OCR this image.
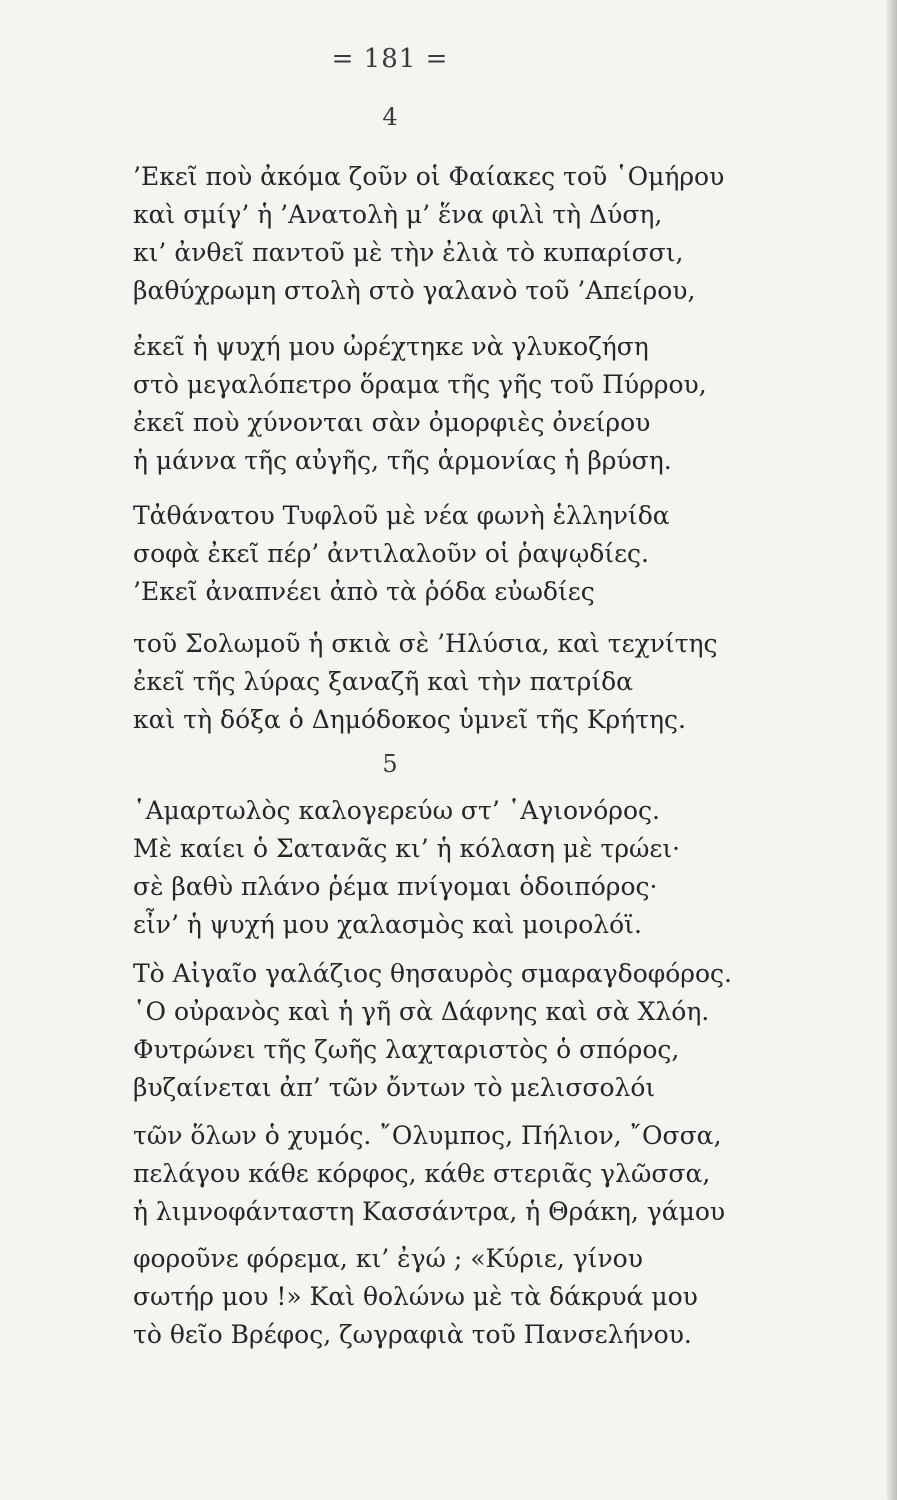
= 181 =
4
’Εκεῖ ποὺ ἀκόμα ζοῦν οἱ Φαίακες τοῦ ῾Ομήρου
καὶ σμίγ’ ἡ ’Ανατολὴ μ’ ἕνα φιλὶ τὴ Δύση,
κι’ ἀνθεῖ παντοῦ μὲ τὴν ἐλιὰ τὸ κυπαρίσσι,
βαθύχρωμη στολὴ στὸ γαλανὸ τοῦ ’Απείρου,
ἐκεῖ ἡ ψυχή μου ὠρέχτηκε νὰ γλυκοζήση
στὸ μεγαλόπετρο ὅραμα τῆς γῆς τοῦ Πύρρου,
ἐκεῖ ποὺ χύνονται σὰν ὀμορφιὲς ὀνείρου
ἡ μάννα τῆς αὐγῆς, τῆς ἁρμονίας ἡ βρύση.
Τἀθάνατου Τυφλοῦ μὲ νέα φωνὴ ἑλληνίδα
σοφὰ ἐκεῖ πέρ’ ἀντιλαλοῦν οἱ ῥαψῳδίες.
’Εκεῖ ἀναπνέει ἀπὸ τὰ ῥόδα εὐωδίες
τοῦ Σολωμοῦ ἡ σκιὰ σὲ ’Ηλύσια, καὶ τεχνίτης
ἐκεῖ τῆς λύρας ξαναζῆ καὶ τὴν πατρίδα
καὶ τὴ δόξα ὁ Δημόδοκος ὑμνεῖ τῆς Κρήτης.
5
῾Αμαρτωλὸς καλογερεύω στ’ ῾Αγιονόρος.
Μὲ καίει ὁ Σατανᾶς κι’ ἡ κόλαση μὲ τρώει·
σὲ βαθὺ πλάνο ῥέμα πνίγομαι ὁδοιπόρος·
εἶν’ ἡ ψυχή μου χαλασμὸς καὶ μοιρολόϊ.
Τὸ Αἰγαῖο γαλάζιος θησαυρὸς σμαραγδοφόρος.
῾Ο οὐρανὸς καὶ ἡ γῆ σὰ Δάφνης καὶ σὰ Χλόη.
Φυτρώνει τῆς ζωῆς λαχταριστὸς ὁ σπόρος,
βυζαίνεται ἀπ’ τῶν ὄντων τὸ μελισσολόι
τῶν ὅλων ὁ χυμός. ῎Ολυμπος, Πήλιον, ῎Οσσα,
πελάγου κάθε κόρφος, κάθε στεριᾶς γλῶσσα,
ἡ λιμνοφάνταστη Κασσάντρα, ἡ Θράκη, γάμου
φοροῦνε φόρεμα, κι’ ἐγώ ; «Κύριε, γίνου
σωτήρ μου !» Καὶ θολώνω μὲ τὰ δάκρυά μου
τὸ θεῖο Βρέφος, ζωγραφιὰ τοῦ Πανσελήνου.
